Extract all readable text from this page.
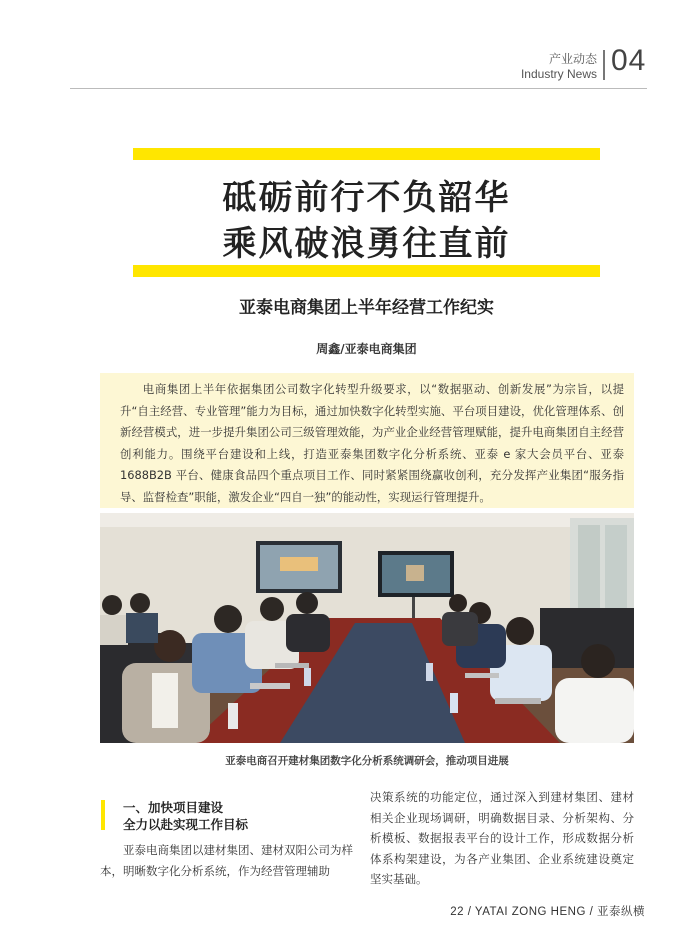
产业动态
Industry News 04
砥砺前行不负韶华
乘风破浪勇往直前
亚泰电商集团上半年经营工作纪实
周鑫/亚泰电商集团
电商集团上半年依据集团公司数字化转型升级要求，以“数据驱动、创新发展”为宗旨，以提升“自主经营、专业管理”能力为目标，通过加快数字化转型实施、平台项目建设，优化管理体系、创新经营模式，进一步提升集团公司三级管理效能，为产业企业经营管理赋能，提升电商集团自主经营创利能力。围绕平台建设和上线，打造亚泰集团数字化分析系统、亚泰 e 家大会员平台、亚泰 1688B2B 平台、健康食品四个重点项目工作、同时紧紧围绕赢收创利，充分发挥产业集团“服务指导、监督检查”职能，激发企业“四自一独”的能动性，实现运行管理提升。
亚泰电商召开建材集团数字化分析系统调研会，推动项目进展
一、加快项目建设
全力以赴实现工作目标
亚泰电商集团以建材集团、建材双阳公司为样本，明晰数字化分析系统，作为经营管理辅助
决策系统的功能定位，通过深入到建材集团、建材相关企业现场调研，明确数据目录、分析架构、分析模板、数据报表平台的设计工作，形成数据分析体系构架建设，为各产业集团、企业系统建设奠定坚实基础。
22 / YATAI ZONG HENG / 亚泰纵横
